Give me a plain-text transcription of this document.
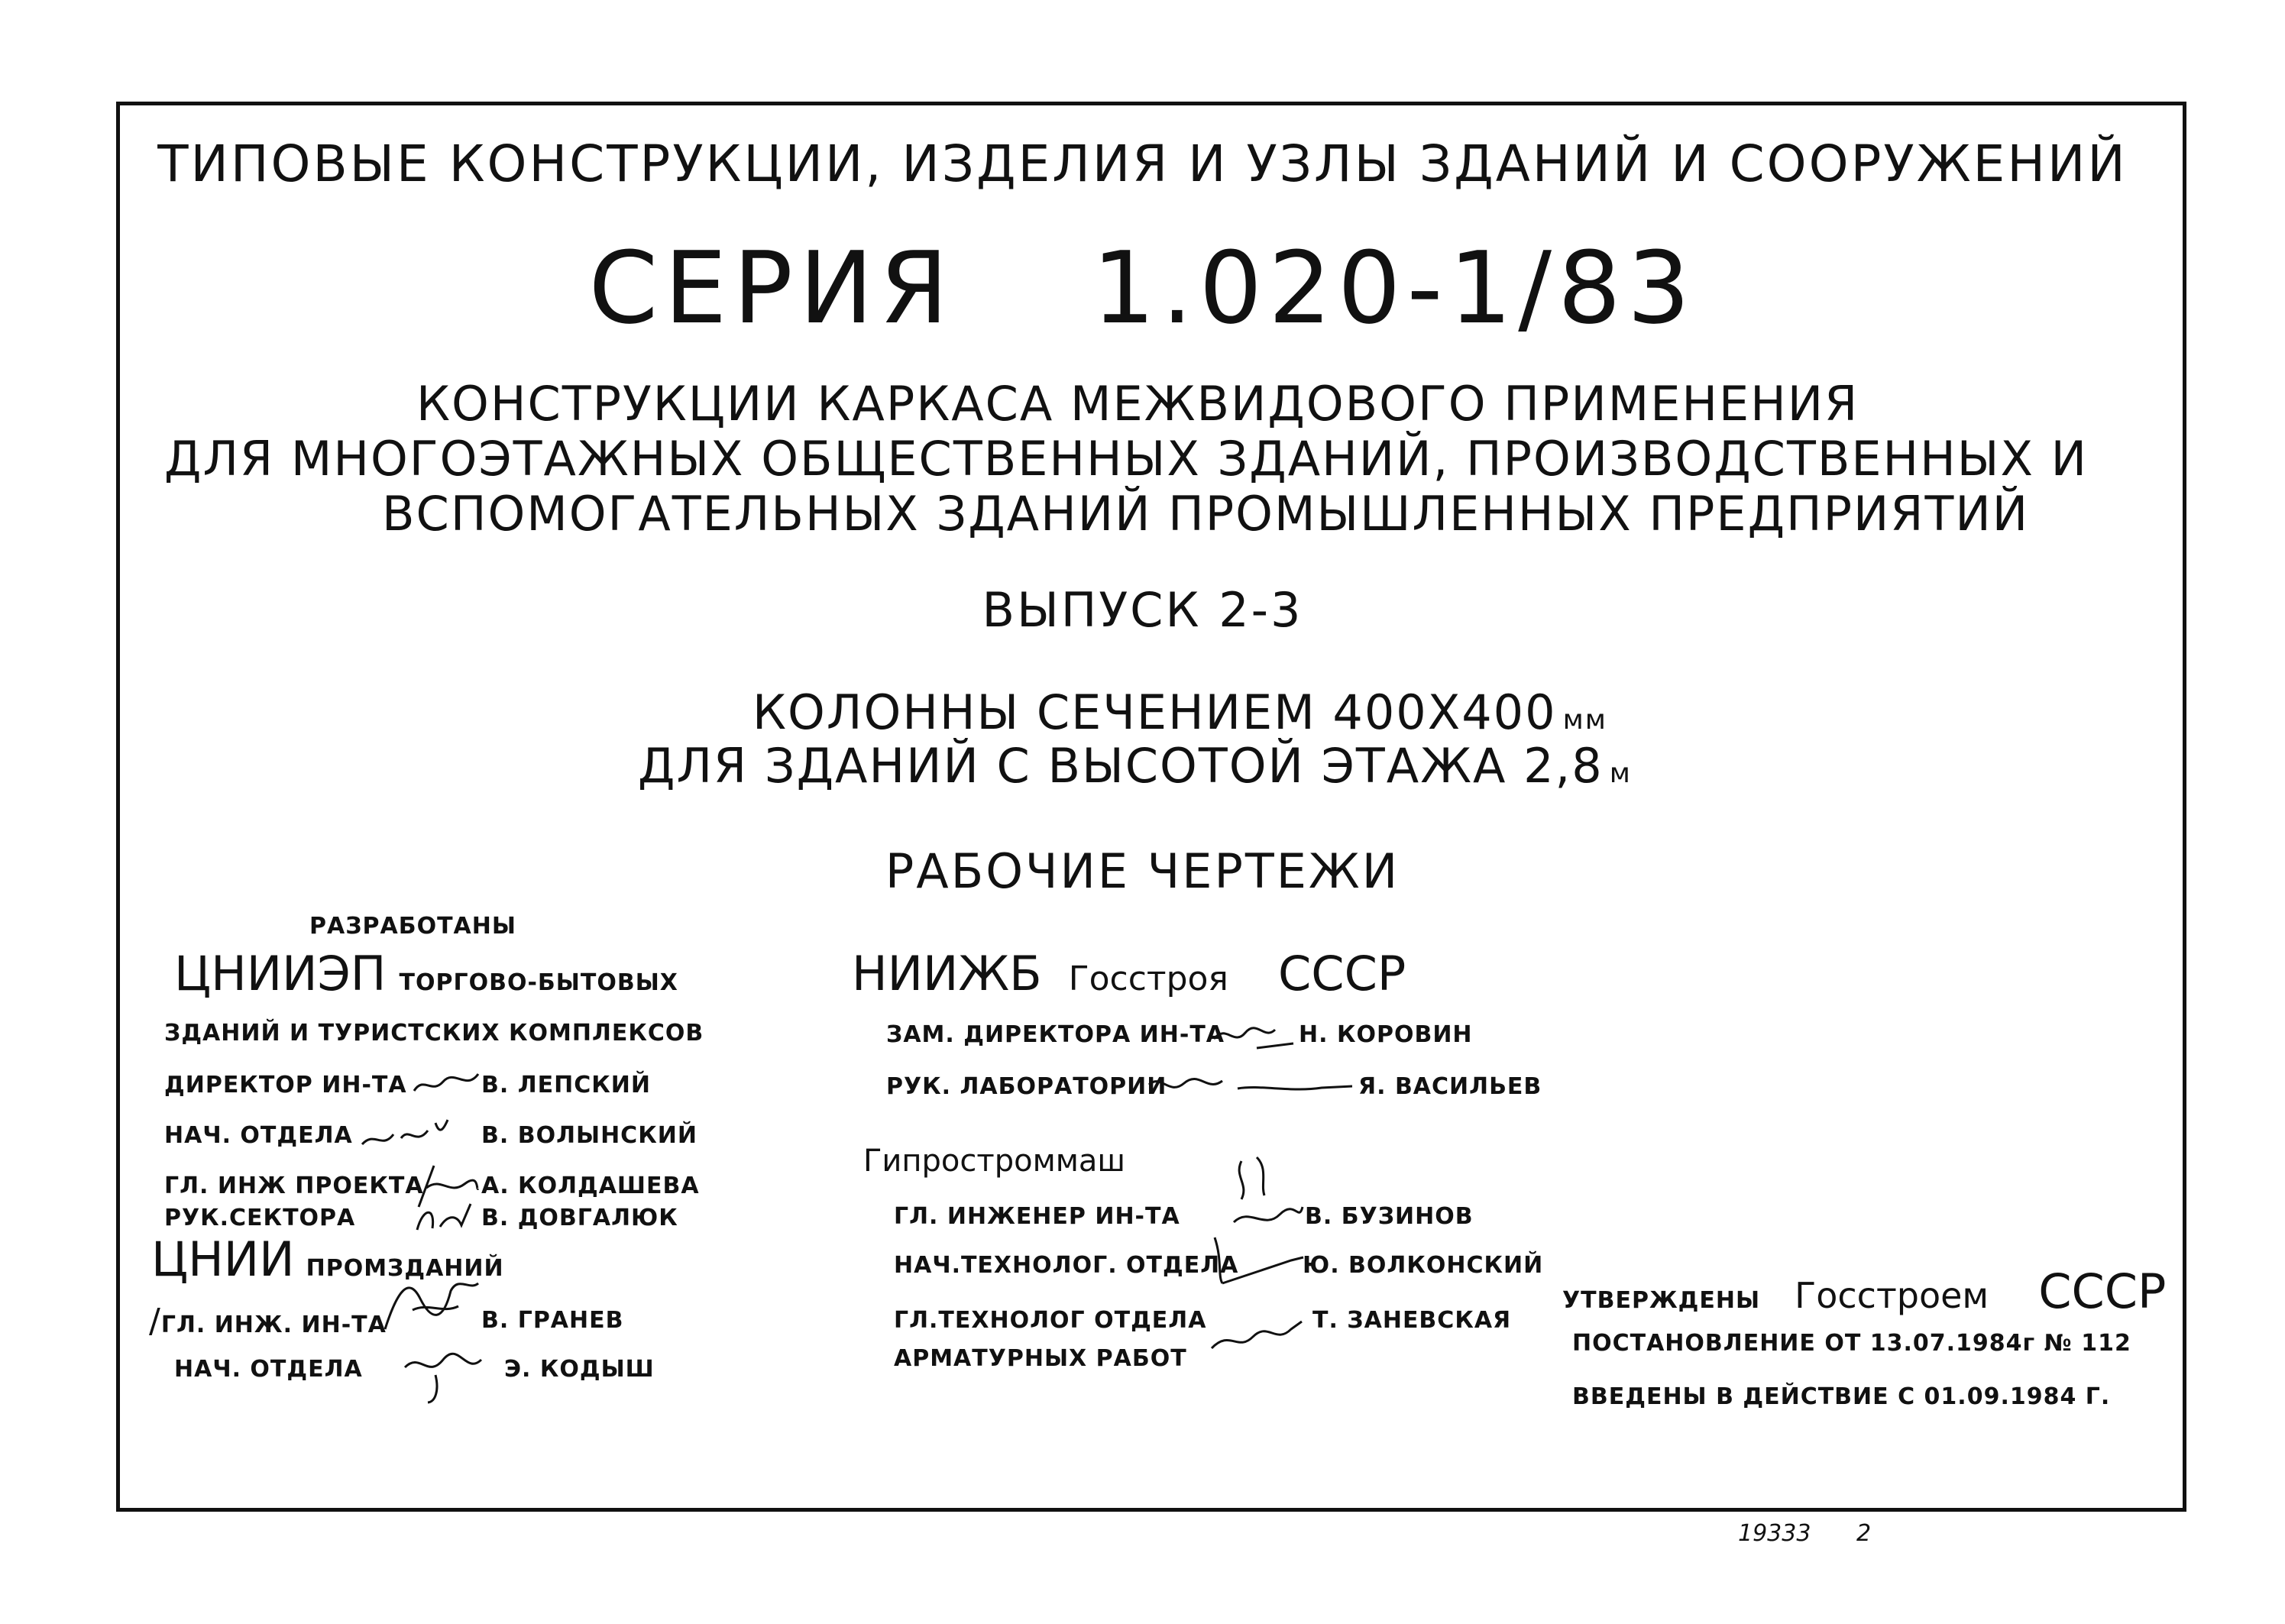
ТИПОВЫЕ КОНСТРУКЦИИ, ИЗДЕЛИЯ И УЗЛЫ ЗДАНИЙ И СООРУЖЕНИЙ
СЕРИЯ 1.020-1/83
КОНСТРУКЦИИ КАРКАСА МЕЖВИДОВОГО ПРИМЕНЕНИЯ
ДЛЯ МНОГОЭТАЖНЫХ ОБЩЕСТВЕННЫХ ЗДАНИЙ, ПРОИЗВОДСТВЕННЫХ И
ВСПОМОГАТЕЛЬНЫХ ЗДАНИЙ ПРОМЫШЛЕННЫХ ПРЕДПРИЯТИЙ
ВЫПУСК 2-3
КОЛОННЫ СЕЧЕНИЕМ 400Х400 мм
ДЛЯ ЗДАНИЙ С ВЫСОТОЙ ЭТАЖА 2,8 м
РАБОЧИЕ ЧЕРТЕЖИ
РАЗРАБОТАНЫ
ЦНИИЭП ТОРГОВО-БЫТОВЫХ
ЗДАНИЙ И ТУРИСТСКИХ КОМПЛЕКСОВ
ДИРЕКТОР ИН-ТА	В. ЛЕПСКИЙ
НАЧ. ОТДЕЛА	В. ВОЛЫНСКИЙ
ГЛ. ИНЖ ПРОЕКТА	А. КОЛДАШЕВА
РУК.СЕКТОРА	В. ДОВГАЛЮК
ЦНИИ ПРОМЗДАНИЙ
/ГЛ. ИНЖ. ИН-ТА	В. ГРАНЕВ
НАЧ. ОТДЕЛА	Э. КОДЫШ
НИИЖБ Госстроя СССР
ЗАМ. ДИРЕКТОРА ИН-ТА	Н. КОРОВИН
РУК. ЛАБОРАТОРИИ	Я. ВАСИЛЬЕВ
Гипростроммаш
ГЛ. ИНЖЕНЕР ИН-ТА	В. БУЗИНОВ
НАЧ.ТЕХНОЛОГ. ОТДЕЛА	Ю. ВОЛКОНСКИЙ
ГЛ.ТЕХНОЛОГ ОТДЕЛА	Т. ЗАНЕВСКАЯ
АРМАТУРНЫХ РАБОТ
УТВЕРЖДЕНЫ Госстроем СССР
ПОСТАНОВЛЕНИЕ ОТ 13.07.1984г № 112
ВВЕДЕНЫ В ДЕЙСТВИЕ С 01.09.1984 Г.
19333 2
